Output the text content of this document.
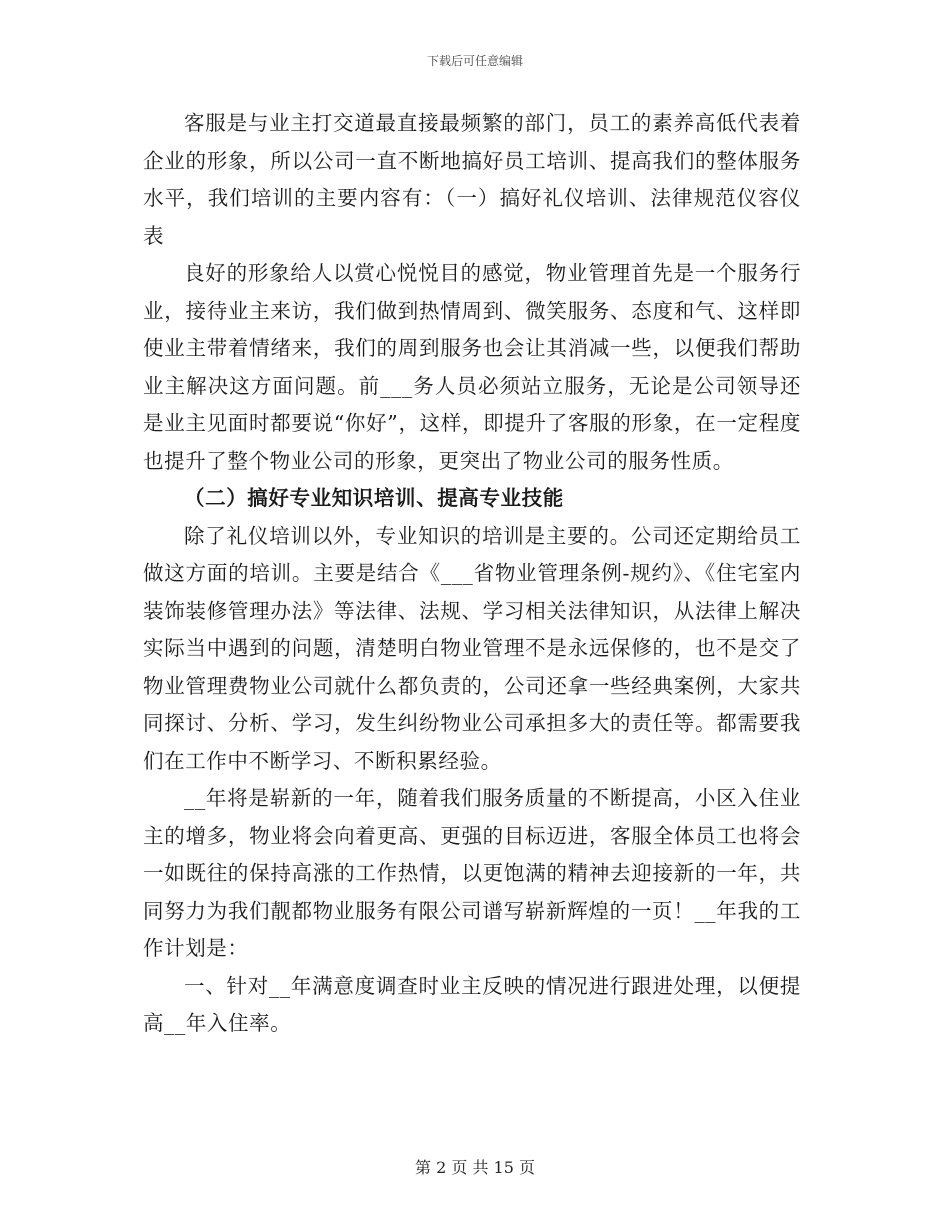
下载后可任意编辑

客服是与业主打交道最直接最频繁的部门，员工的素养高低代表着企业的形象，所以公司一直不断地搞好员工培训、提高我们的整体服务水平，我们培训的主要内容有：（一）搞好礼仪培训、法律规范仪容仪表

良好的形象给人以赏心悦悦目的感觉，物业管理首先是一个服务行业，接待业主来访，我们做到热情周到、微笑服务、态度和气、这样即使业主带着情绪来，我们的周到服务也会让其消减一些，以便我们帮助业主解决这方面问题。前___务人员必须站立服务，无论是公司领导还是业主见面时都要说“你好”，这样，即提升了客服的形象，在一定程度也提升了整个物业公司的形象，更突出了物业公司的服务性质。

（二）搞好专业知识培训、提高专业技能

除了礼仪培训以外，专业知识的培训是主要的。公司还定期给员工做这方面的培训。主要是结合《___省物业管理条例-规约》、《住宅室内装饰装修管理办法》等法律、法规、学习相关法律知识，从法律上解决实际当中遇到的问题，清楚明白物业管理不是永远保修的，也不是交了物业管理费物业公司就什么都负责的，公司还拿一些经典案例，大家共同探讨、分析、学习，发生纠纷物业公司承担多大的责任等。都需要我们在工作中不断学习、不断积累经验。

__年将是崭新的一年，随着我们服务质量的不断提高，小区入住业主的增多，物业将会向着更高、更强的目标迈进，客服全体员工也将会一如既往的保持高涨的工作热情，以更饱满的精神去迎接新的一年，共同努力为我们靓都物业服务有限公司谱写崭新辉煌的一页！__年我的工作计划是：

一、针对__年满意度调查时业主反映的情况进行跟进处理，以便提高__年入住率。

第 2 页 共 15 页
